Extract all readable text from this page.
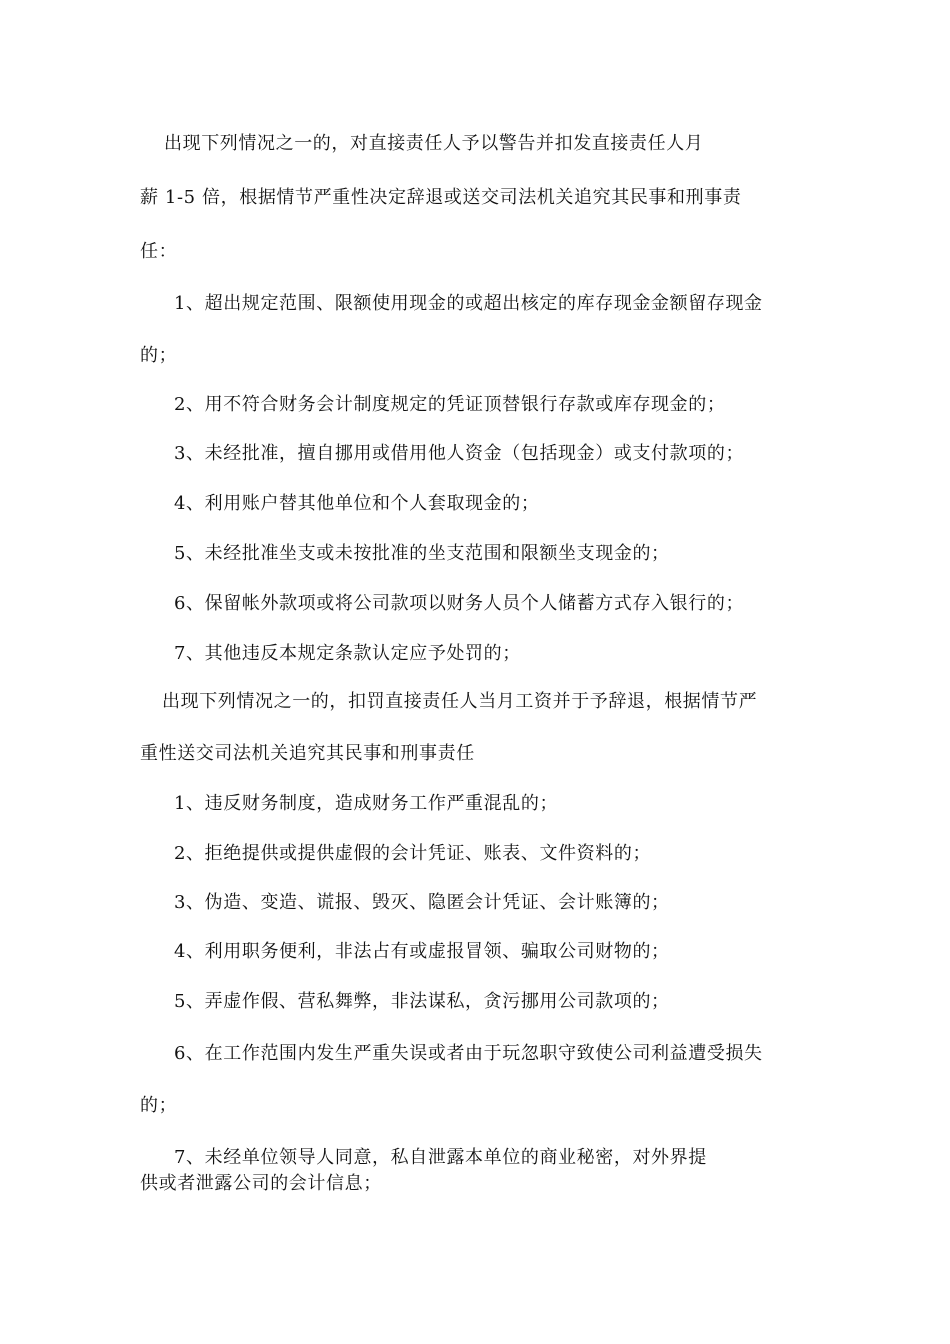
出现下列情况之一的，对直接责任人予以警告并扣发直接责任人月
薪 1-5 倍，根据情节严重性决定辞退或送交司法机关追究其民事和刑事责
任：
1、超出规定范围、限额使用现金的或超出核定的库存现金金额留存现金
的；
2、用不符合财务会计制度规定的凭证顶替银行存款或库存现金的；
3、未经批准，擅自挪用或借用他人资金（包括现金）或支付款项的；
4、利用账户替其他单位和个人套取现金的；
5、未经批准坐支或未按批准的坐支范围和限额坐支现金的；
6、保留帐外款项或将公司款项以财务人员个人储蓄方式存入银行的；
7、其他违反本规定条款认定应予处罚的；
出现下列情况之一的，扣罚直接责任人当月工资并于予辞退，根据情节严
重性送交司法机关追究其民事和刑事责任
1、违反财务制度，造成财务工作严重混乱的；
2、拒绝提供或提供虚假的会计凭证、账表、文件资料的；
3、伪造、变造、谎报、毁灭、隐匿会计凭证、会计账簿的；
4、利用职务便利，非法占有或虚报冒领、骗取公司财物的；
5、弄虚作假、营私舞弊，非法谋私，贪污挪用公司款项的；
6、在工作范围内发生严重失误或者由于玩忽职守致使公司利益遭受损失
的；
7、未经单位领导人同意，私自泄露本单位的商业秘密，对外界提
供或者泄露公司的会计信息；
